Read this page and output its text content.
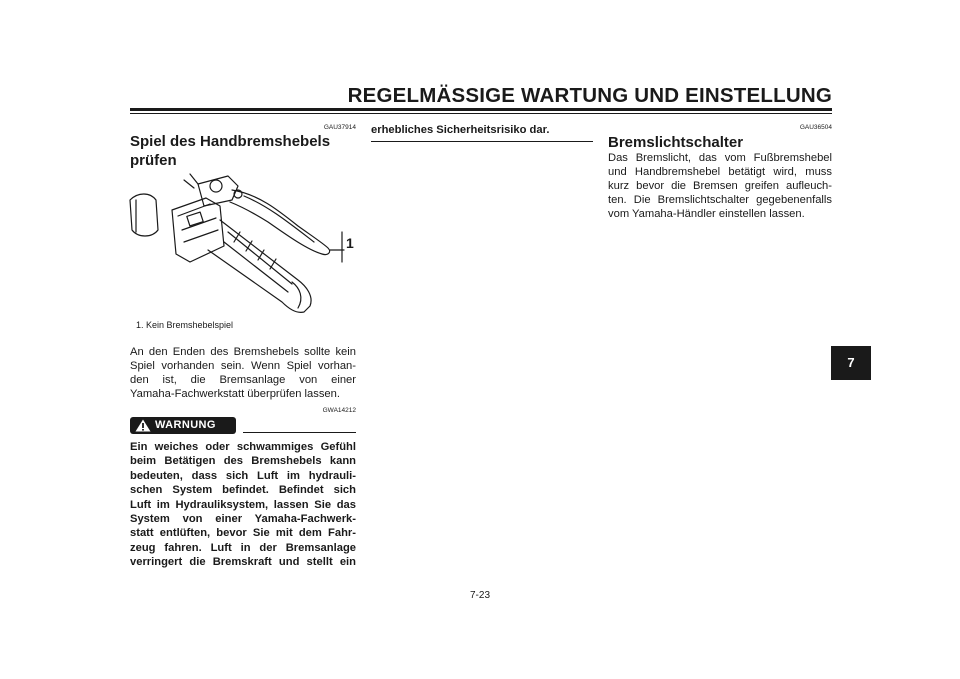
REGELMÄSSIGE WARTUNG UND EINSTELLUNG
GAU37914
Spiel des Handbremshebels
prüfen
1
1. Kein Bremshebelspiel
An den Enden des Bremshebels sollte kein
Spiel vorhanden sein. Wenn Spiel vorhan-
den ist, die Bremsanlage von einer
Yamaha-Fachwerkstatt überprüfen lassen.
GWA14212
WARNUNG
Ein weiches oder schwammiges Gefühl
beim Betätigen des Bremshebels kann
bedeuten, dass sich Luft im hydrauli-
schen System befindet. Befindet sich
Luft im Hydrauliksystem, lassen Sie das
System von einer Yamaha-Fachwerk-
statt entlüften, bevor Sie mit dem Fahr-
zeug fahren. Luft in der Bremsanlage
verringert die Bremskraft und stellt ein
erhebliches Sicherheitsrisiko dar.	GAU36504
Bremslichtschalter
Das Bremslicht, das vom Fußbremshebel
und Handbremshebel betätigt wird, muss
kurz bevor die Bremsen greifen aufleuch-
ten. Die Bremslichtschalter gegebenenfalls
vom Yamaha-Händler einstellen lassen.
7
7-23
